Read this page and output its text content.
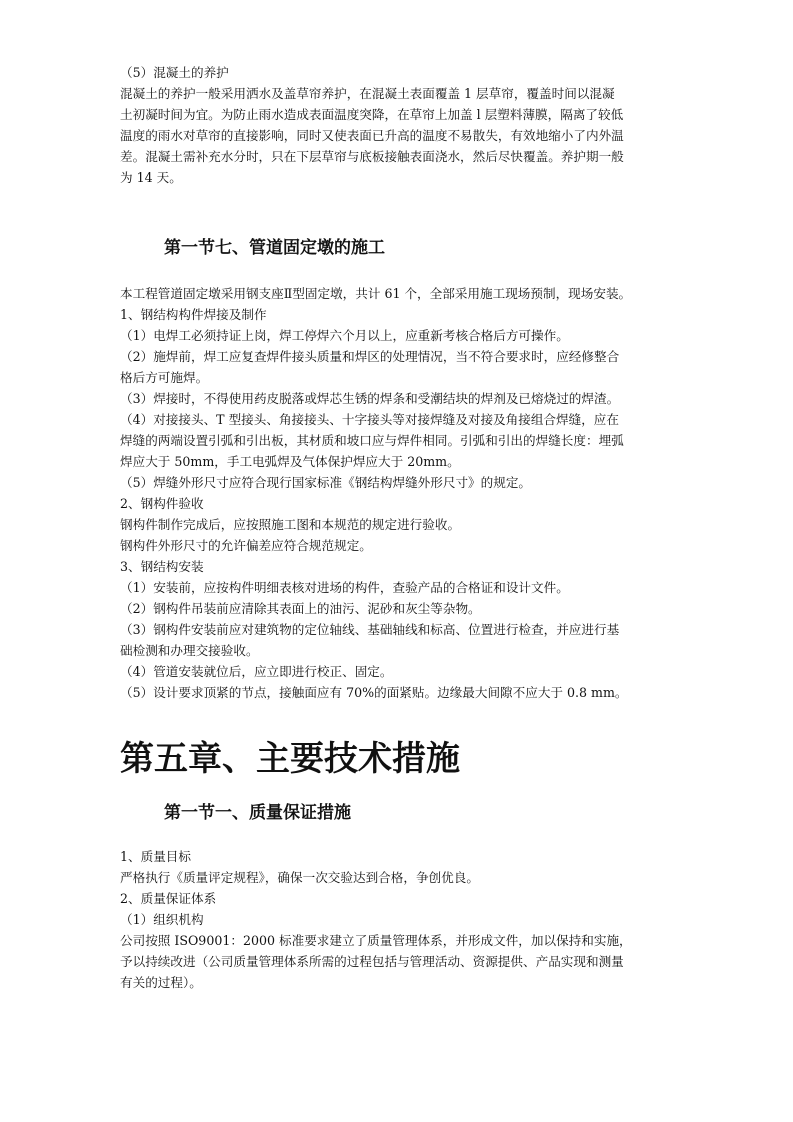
（5）混凝土的养护

混凝土的养护一般采用洒水及盖草帘养护，在混凝土表面覆盖 1 层草帘，覆盖时间以混凝

土初凝时间为宜。为防止雨水造成表面温度突降，在草帘上加盖 l 层塑料薄膜，隔离了较低

温度的雨水对草帘的直接影响，同时又使表面已升高的温度不易散失，有效地缩小了内外温

差。混凝土需补充水分时，只在下层草帘与底板接触表面浇水，然后尽快覆盖。养护期一般

为 14 天。

第一节七、管道固定墩的施工

本工程管道固定墩采用钢支座Ⅱ型固定墩，共计 61 个，全部采用施工现场预制，现场安装。

1、钢结构构件焊接及制作

（1）电焊工必须持证上岗，焊工停焊六个月以上，应重新考核合格后方可操作。

（2）施焊前，焊工应复查焊件接头质量和焊区的处理情况，当不符合要求时，应经修整合

格后方可施焊。

（3）焊接时，不得使用药皮脱落或焊芯生锈的焊条和受潮结块的焊剂及已熔烧过的焊渣。

（4）对接接头、T 型接头、角接接头、十字接头等对接焊缝及对接及角接组合焊缝，应在

焊缝的两端设置引弧和引出板，其材质和坡口应与焊件相同。引弧和引出的焊缝长度：埋弧

焊应大于 50mm，手工电弧焊及气体保护焊应大于 20mm。

（5）焊缝外形尺寸应符合现行国家标准《钢结构焊缝外形尺寸》的规定。

2、钢构件验收

钢构件制作完成后，应按照施工图和本规范的规定进行验收。

钢构件外形尺寸的允许偏差应符合规范规定。

3、钢结构安装

（1）安装前，应按构件明细表核对进场的构件，查验产品的合格证和设计文件。

（2）钢构件吊装前应清除其表面上的油污、泥砂和灰尘等杂物。

（3）钢构件安装前应对建筑物的定位轴线、基础轴线和标高、位置进行检查，并应进行基

础检测和办理交接验收。

（4）管道安装就位后，应立即进行校正、固定。

（5）设计要求顶紧的节点，接触面应有 70%的面紧贴。边缘最大间隙不应大于 0.8 mm。

第五章、主要技术措施
第一节一、质量保证措施

1、质量目标

严格执行《质量评定规程》，确保一次交验达到合格，争创优良。

2、质量保证体系

（1）组织机构

公司按照 ISO9001：2000 标准要求建立了质量管理体系，并形成文件，加以保持和实施，

予以持续改进（公司质量管理体系所需的过程包括与管理活动、资源提供、产品实现和测量

有关的过程）。
